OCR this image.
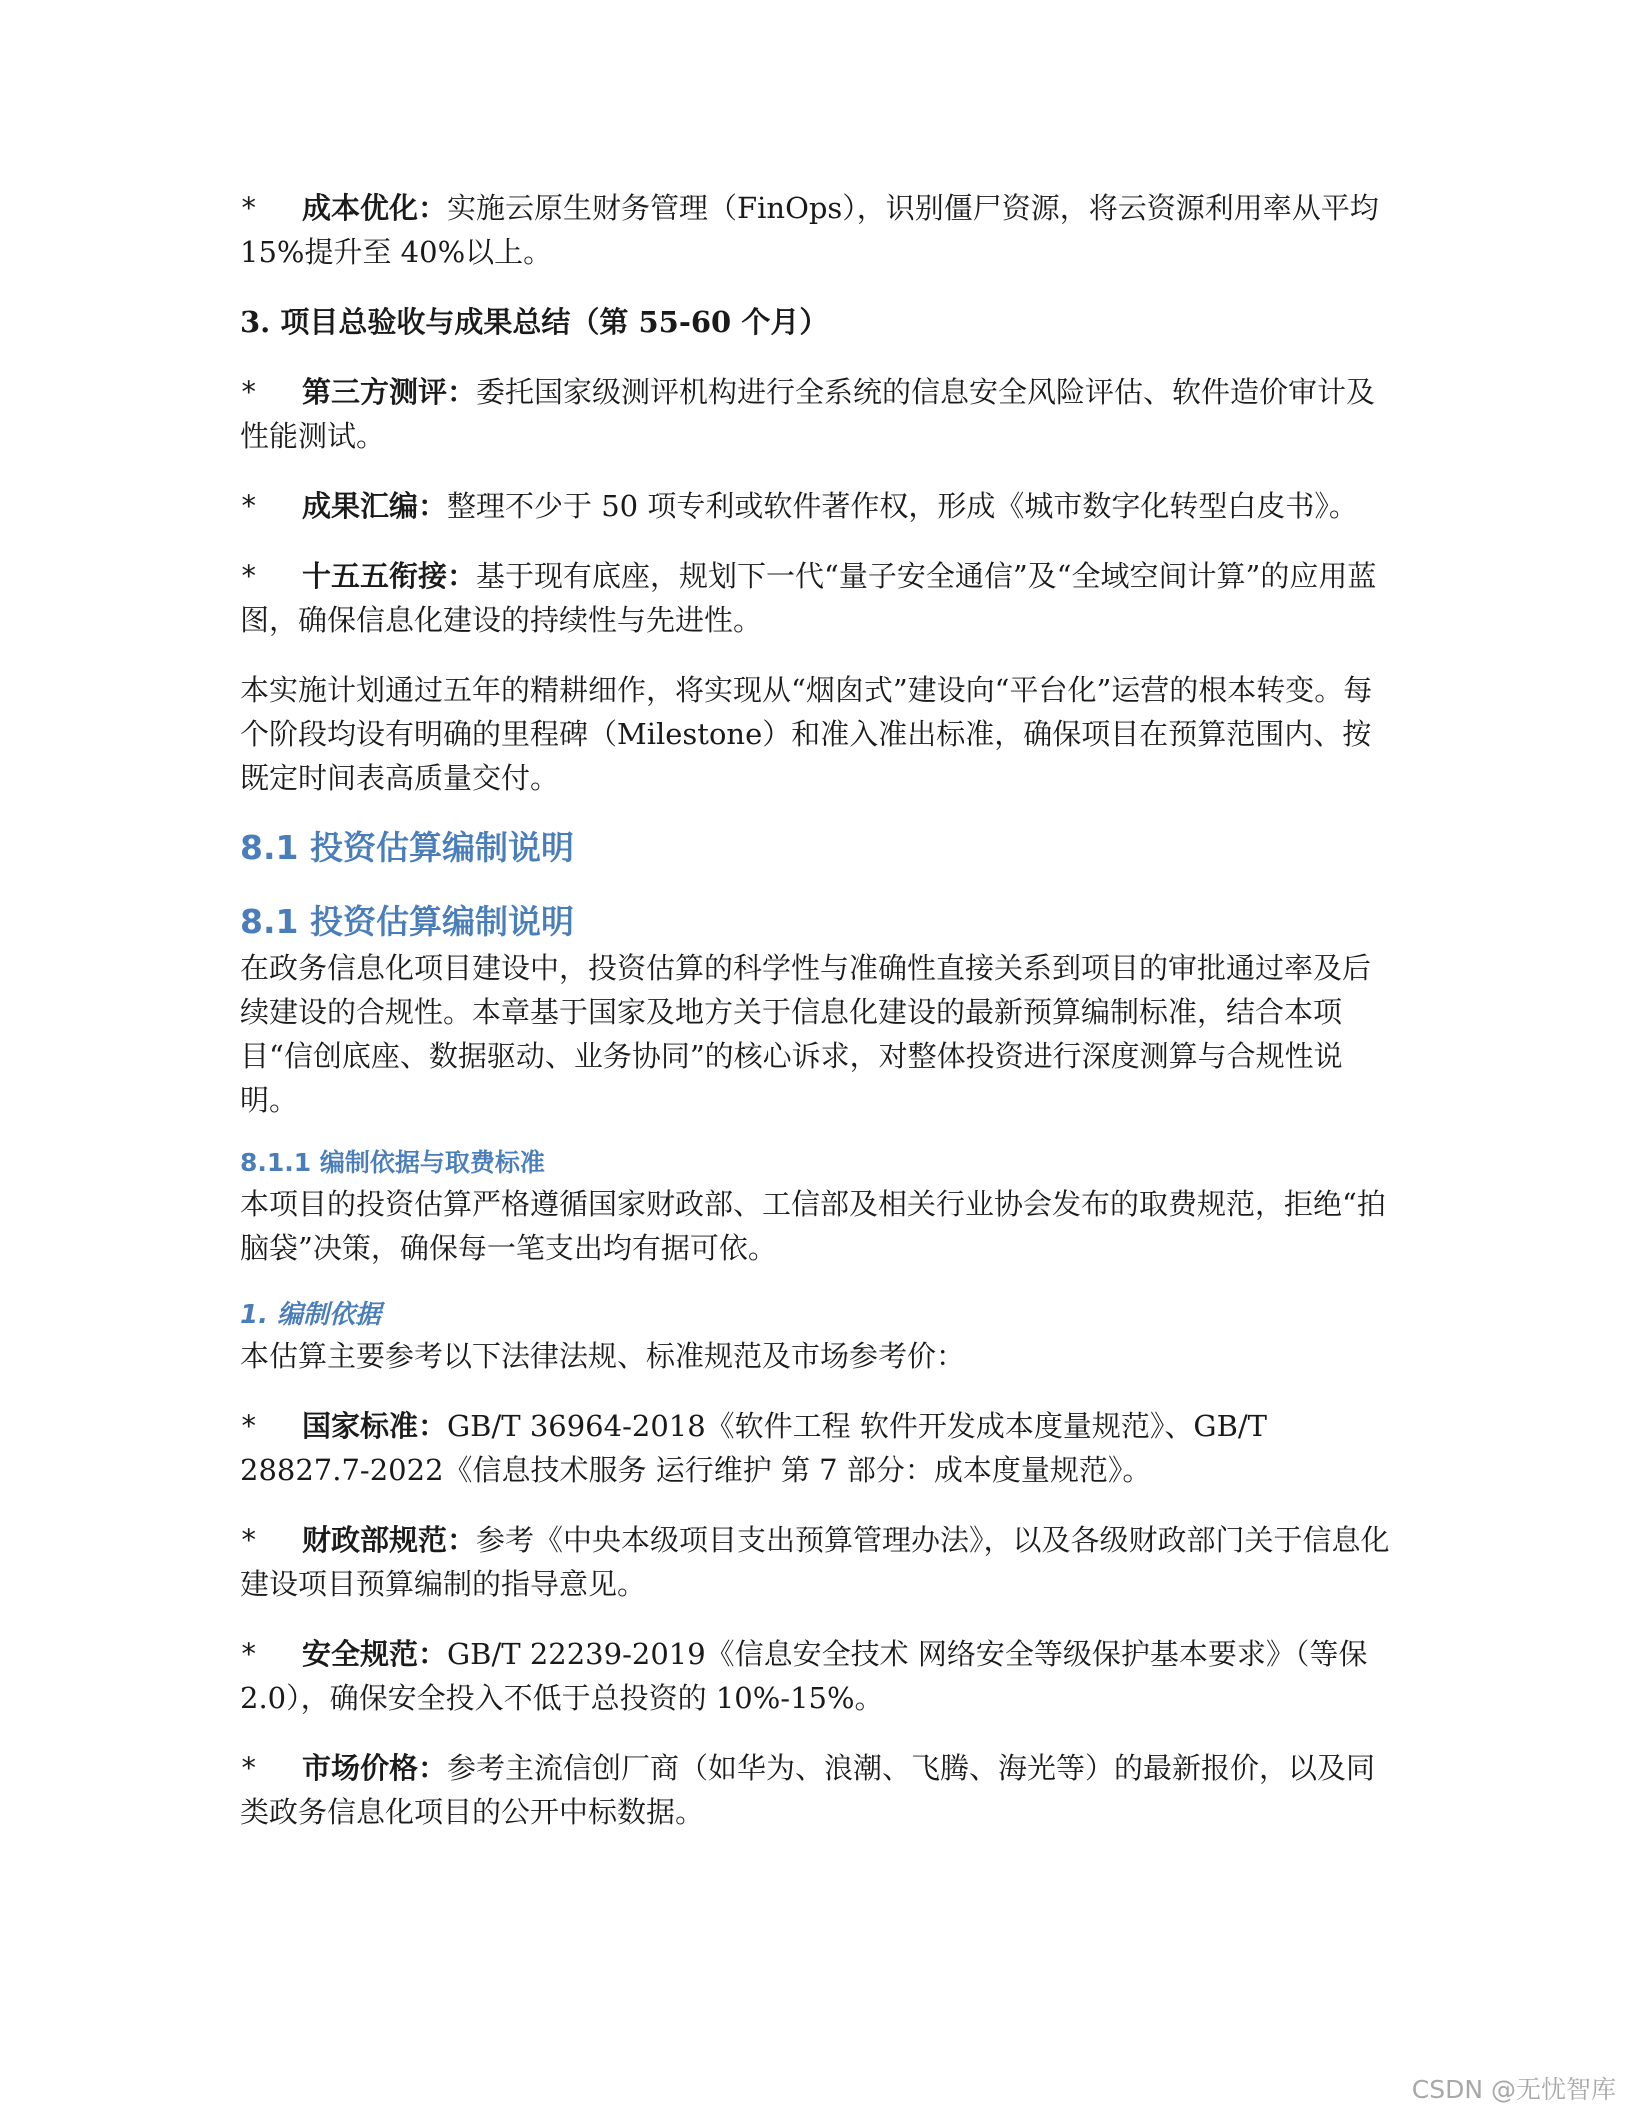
* 成本优化：实施云原生财务管理（FinOps），识别僵尸资源，将云资源利用率从平均15%提升至 40%以上。

3. 项目总验收与成果总结（第 55-60 个月）

* 第三方测评：委托国家级测评机构进行全系统的信息安全风险评估、软件造价审计及性能测试。

* 成果汇编：整理不少于 50 项专利或软件著作权，形成《城市数字化转型白皮书》。

* 十五五衔接：基于现有底座，规划下一代“量子安全通信”及“全域空间计算”的应用蓝图，确保信息化建设的持续性与先进性。

本实施计划通过五年的精耕细作，将实现从“烟囱式”建设向“平台化”运营的根本转变。每个阶段均设有明确的里程碑（Milestone）和准入准出标准，确保项目在预算范围内、按既定时间表高质量交付。

8.1 投资估算编制说明

8.1 投资估算编制说明

在政务信息化项目建设中，投资估算的科学性与准确性直接关系到项目的审批通过率及后续建设的合规性。本章基于国家及地方关于信息化建设的最新预算编制标准，结合本项目“信创底座、数据驱动、业务协同”的核心诉求，对整体投资进行深度测算与合规性说明。

8.1.1 编制依据与取费标准

本项目的投资估算严格遵循国家财政部、工信部及相关行业协会发布的取费规范，拒绝“拍脑袋”决策，确保每一笔支出均有据可依。

1. 编制依据

本估算主要参考以下法律法规、标准规范及市场参考价：

* 国家标准：GB/T 36964-2018《软件工程 软件开发成本度量规范》、GB/T 28827.7-2022《信息技术服务 运行维护 第 7 部分：成本度量规范》。

* 财政部规范：参考《中央本级项目支出预算管理办法》，以及各级财政部门关于信息化建设项目预算编制的指导意见。

* 安全规范：GB/T 22239-2019《信息安全技术 网络安全等级保护基本要求》（等保2.0），确保安全投入不低于总投资的 10%-15%。

* 市场价格：参考主流信创厂商（如华为、浪潮、飞腾、海光等）的最新报价，以及同类政务信息化项目的公开中标数据。

CSDN @无忧智库
